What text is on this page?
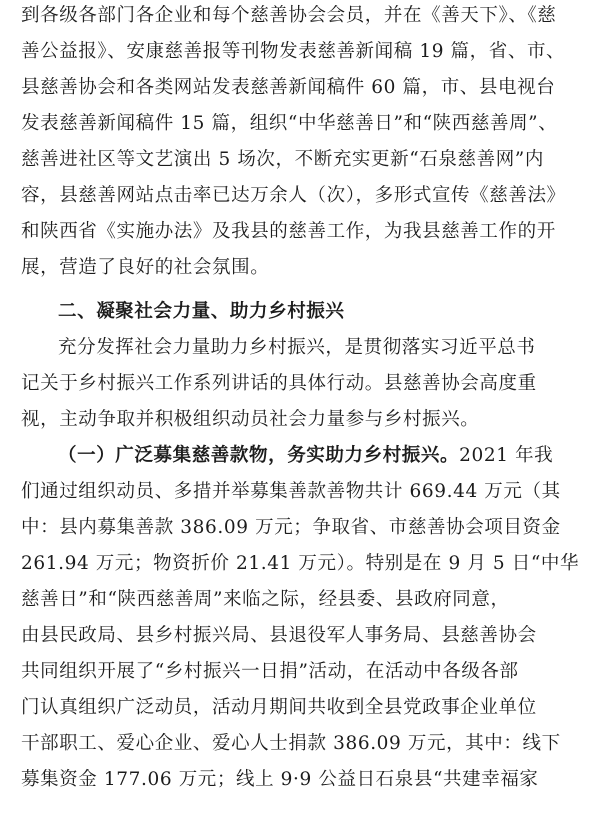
到各级各部门各企业和每个慈善协会会员，并在《善天下》、《慈
善公益报》、安康慈善报等刊物发表慈善新闻稿 19 篇，省、市、
县慈善协会和各类网站发表慈善新闻稿件 60 篇，市、县电视台
发表慈善新闻稿件 15 篇，组织“中华慈善日”和“陕西慈善周”、
慈善进社区等文艺演出 5 场次，不断充实更新“石泉慈善网”内
容，县慈善网站点击率已达万余人（次），多形式宣传《慈善法》
和陕西省《实施办法》及我县的慈善工作，为我县慈善工作的开
展，营造了良好的社会氛围。
二、凝聚社会力量、助力乡村振兴
充分发挥社会力量助力乡村振兴，是贯彻落实习近平总书
记关于乡村振兴工作系列讲话的具体行动。县慈善协会高度重
视，主动争取并积极组织动员社会力量参与乡村振兴。
（一）广泛募集慈善款物，务实助力乡村振兴。2021 年我
们通过组织动员、多措并举募集善款善物共计 669.44 万元（其
中：县内募集善款 386.09 万元；争取省、市慈善协会项目资金
261.94 万元；物资折价 21.41 万元）。特别是在 9 月 5 日“中华
慈善日”和“陕西慈善周”来临之际，经县委、县政府同意，
由县民政局、县乡村振兴局、县退役军人事务局、县慈善协会
共同组织开展了“乡村振兴一日捐”活动，在活动中各级各部
门认真组织广泛动员，活动月期间共收到全县党政事企业单位
干部职工、爱心企业、爱心人士捐款 386.09 万元，其中：线下
募集资金 177.06 万元；线上 9·9 公益日石泉县“共建幸福家
